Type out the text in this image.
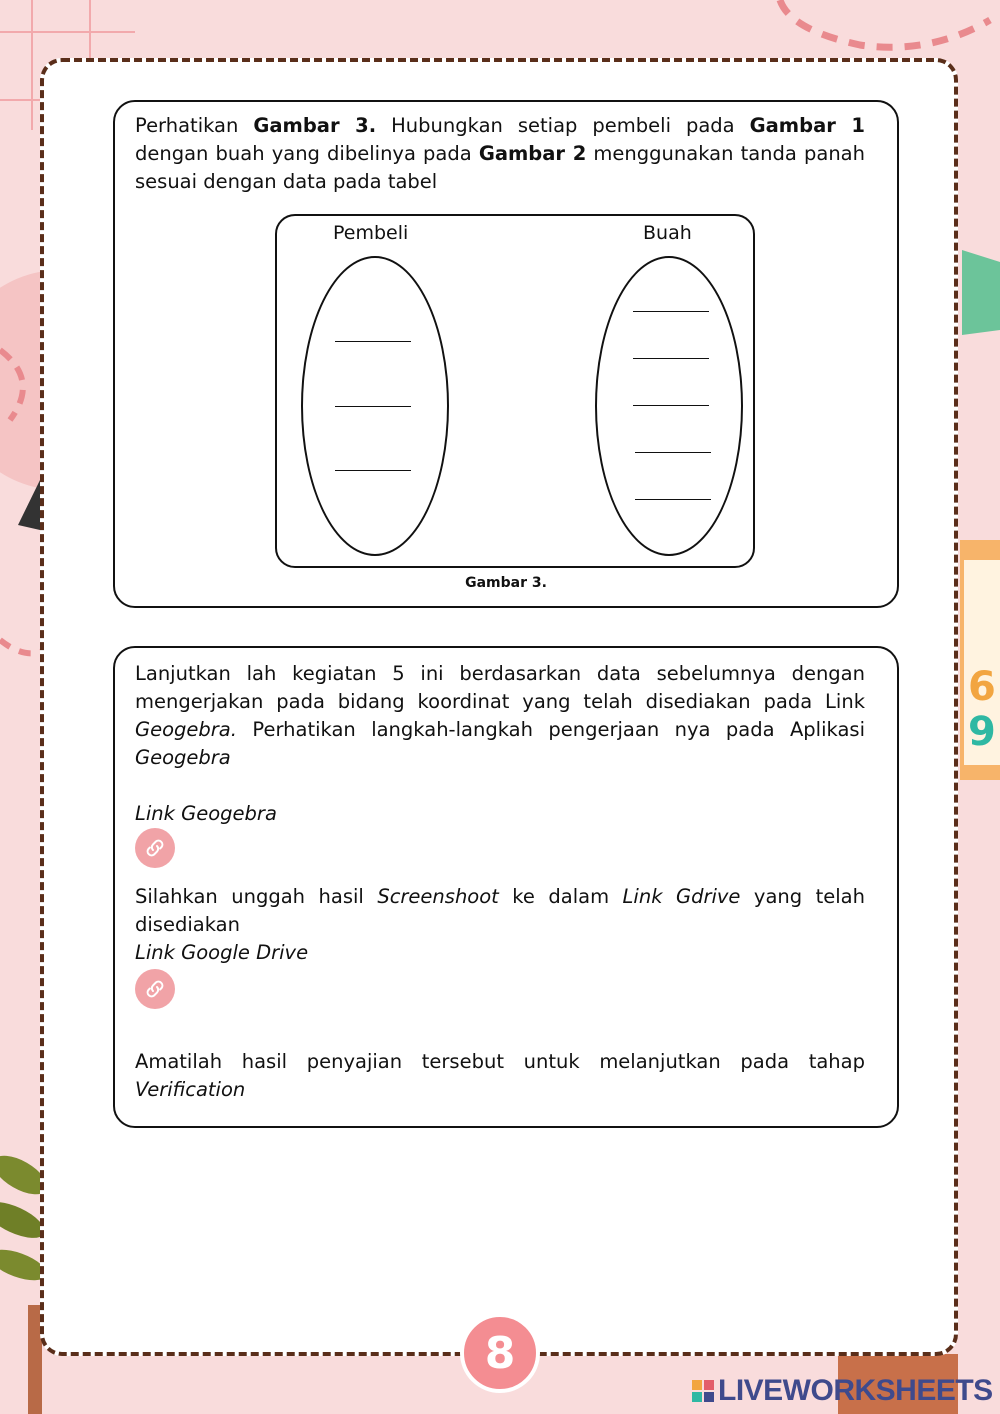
6
9

Perhatikan Gambar 3. Hubungkan setiap pembeli pada Gambar 1 dengan buah yang dibelinya pada Gambar 2 menggunakan tanda panah sesuai dengan data pada tabel

Pembeli	Buah
Gambar 3.

Lanjutkan lah kegiatan 5 ini berdasarkan data sebelumnya dengan mengerjakan pada bidang koordinat yang telah disediakan pada Link Geogebra. Perhatikan langkah-langkah pengerjaan nya pada Aplikasi Geogebra

Link Geogebra

Silahkan unggah hasil Screenshoot ke dalam Link Gdrive yang telah disediakan

Link Google Drive

Amatilah hasil penyajian tersebut untuk melanjutkan pada tahap Verification

8
LIVEWORKSHEETS
